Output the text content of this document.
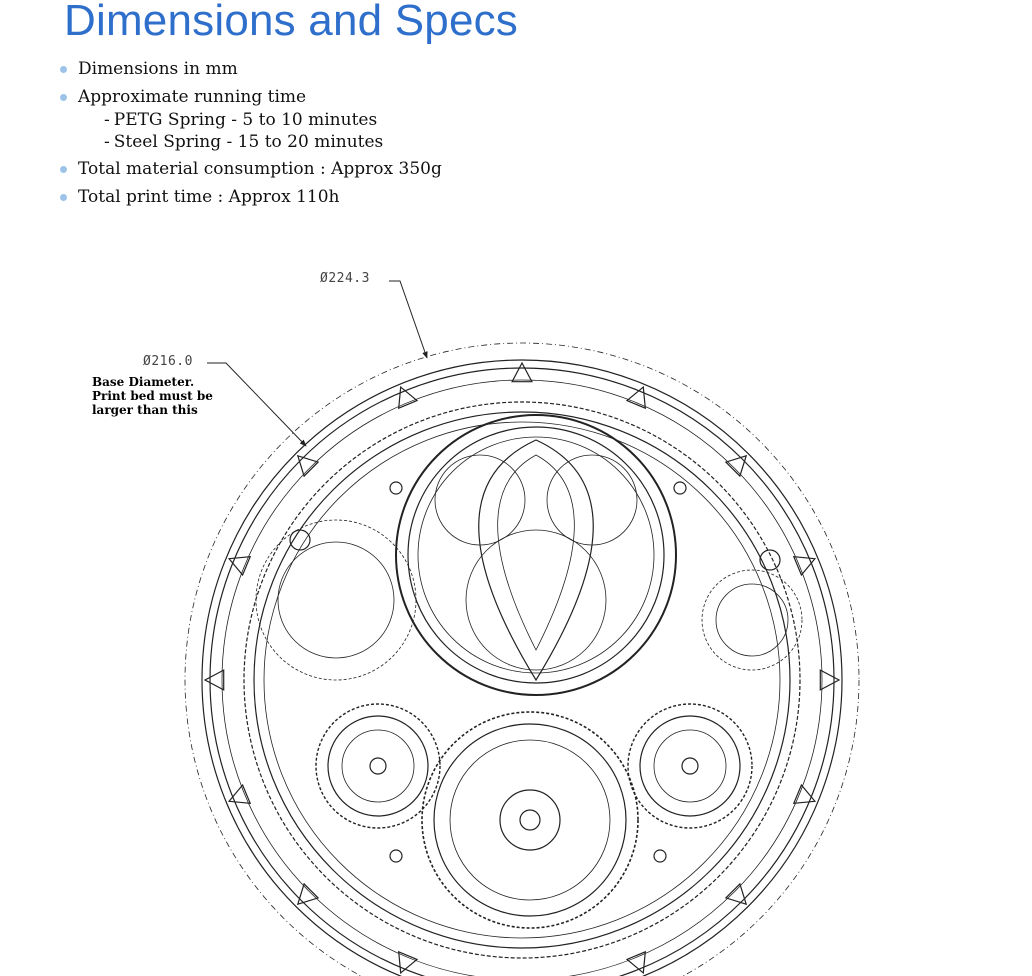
Dimensions and Specs
Dimensions in mm
Approximate running time
- PETG Spring - 5 to 10 minutes
- Steel Spring - 15 to 20 minutes
Total material consumption : Approx 350g
Total print time : Approx 110h
Ø224.3
Ø216.0
Base Diameter.
Print bed must be
larger than this
